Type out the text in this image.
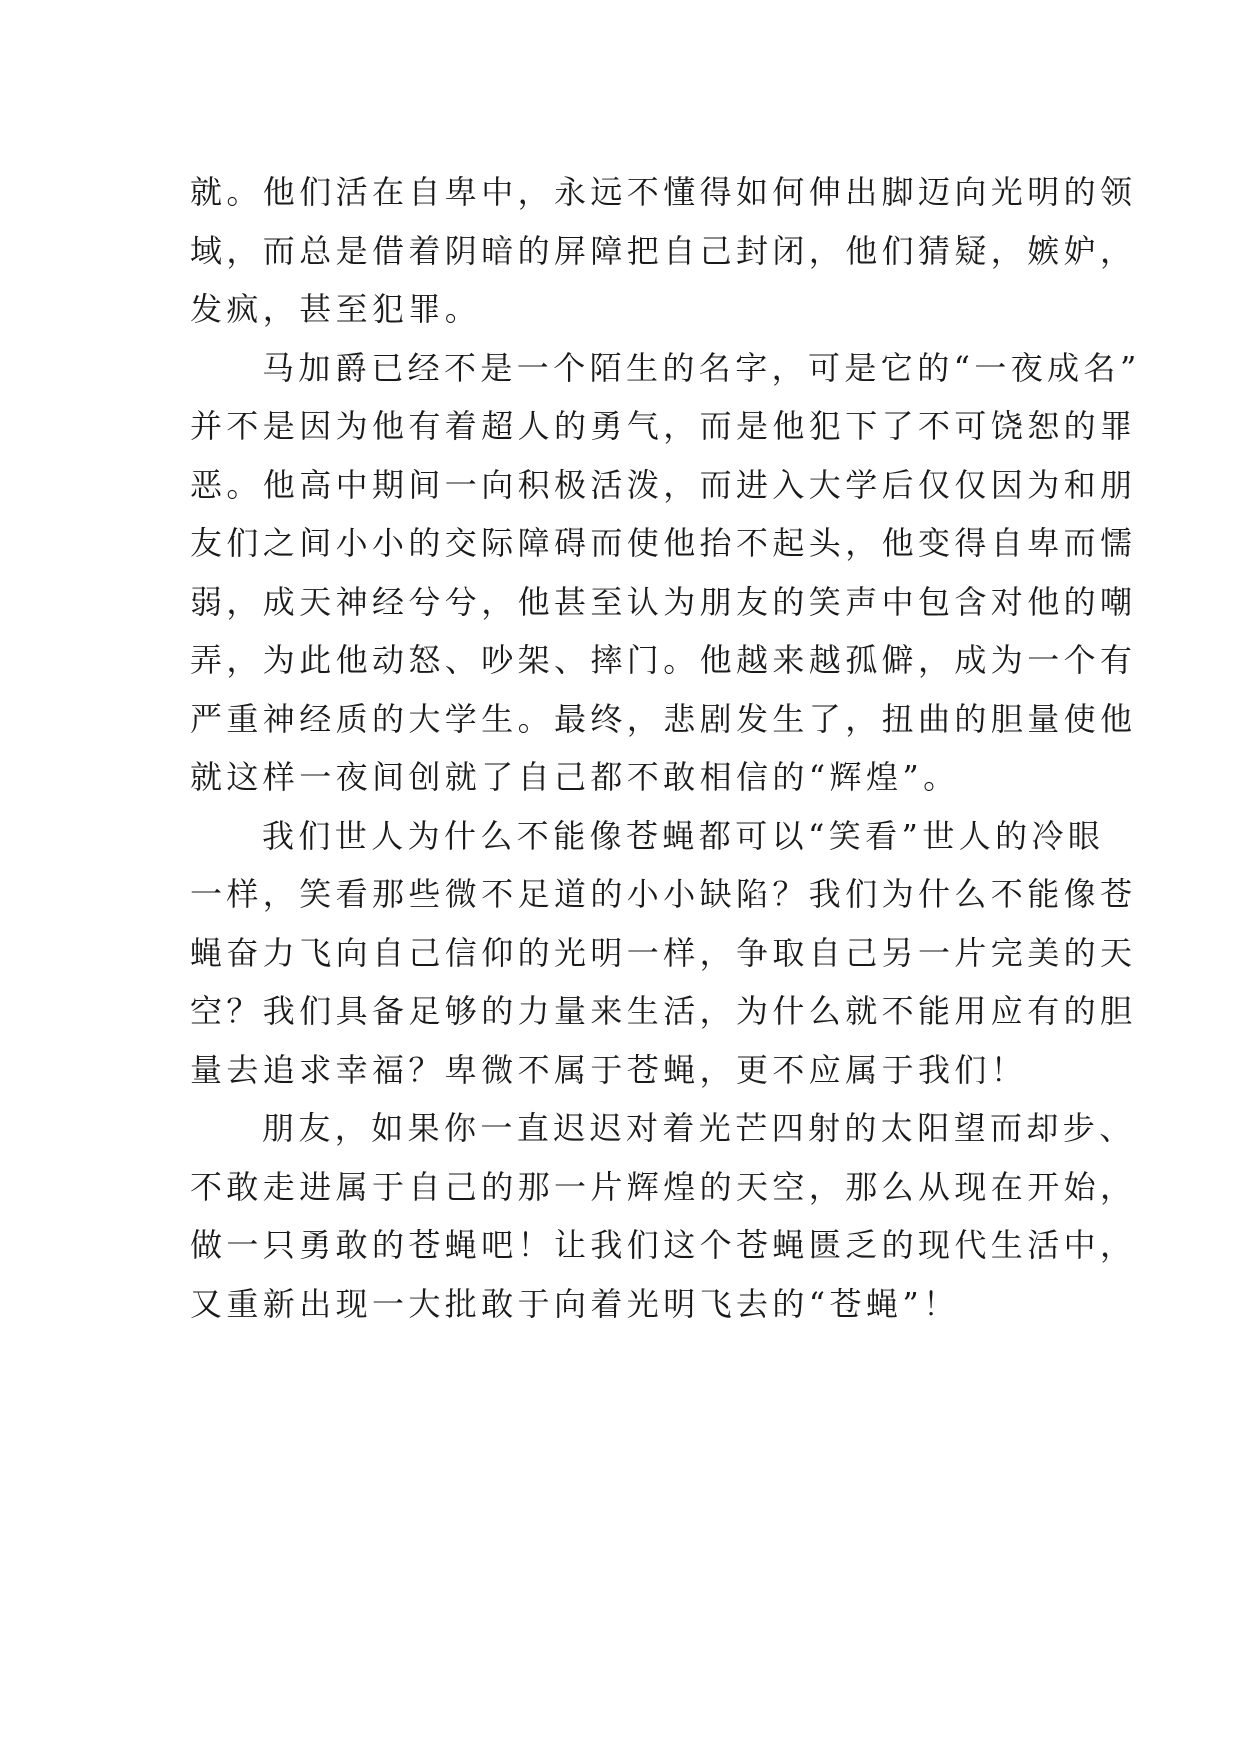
就。他们活在自卑中，永远不懂得如何伸出脚迈向光明的领
域，而总是借着阴暗的屏障把自己封闭，他们猜疑，嫉妒，
发疯，甚至犯罪。
马加爵已经不是一个陌生的名字，可是它的“一夜成名”
并不是因为他有着超人的勇气，而是他犯下了不可饶恕的罪
恶。他高中期间一向积极活泼，而进入大学后仅仅因为和朋
友们之间小小的交际障碍而使他抬不起头，他变得自卑而懦
弱，成天神经兮兮，他甚至认为朋友的笑声中包含对他的嘲
弄，为此他动怒、吵架、摔门。他越来越孤僻，成为一个有
严重神经质的大学生。最终，悲剧发生了，扭曲的胆量使他
就这样一夜间创就了自己都不敢相信的“辉煌”。
我们世人为什么不能像苍蝇都可以“笑看”世人的冷眼
一样，笑看那些微不足道的小小缺陷？我们为什么不能像苍
蝇奋力飞向自己信仰的光明一样，争取自己另一片完美的天
空？我们具备足够的力量来生活，为什么就不能用应有的胆
量去追求幸福？卑微不属于苍蝇，更不应属于我们！
朋友，如果你一直迟迟对着光芒四射的太阳望而却步、
不敢走进属于自己的那一片辉煌的天空，那么从现在开始，
做一只勇敢的苍蝇吧！让我们这个苍蝇匮乏的现代生活中，
又重新出现一大批敢于向着光明飞去的“苍蝇”！
